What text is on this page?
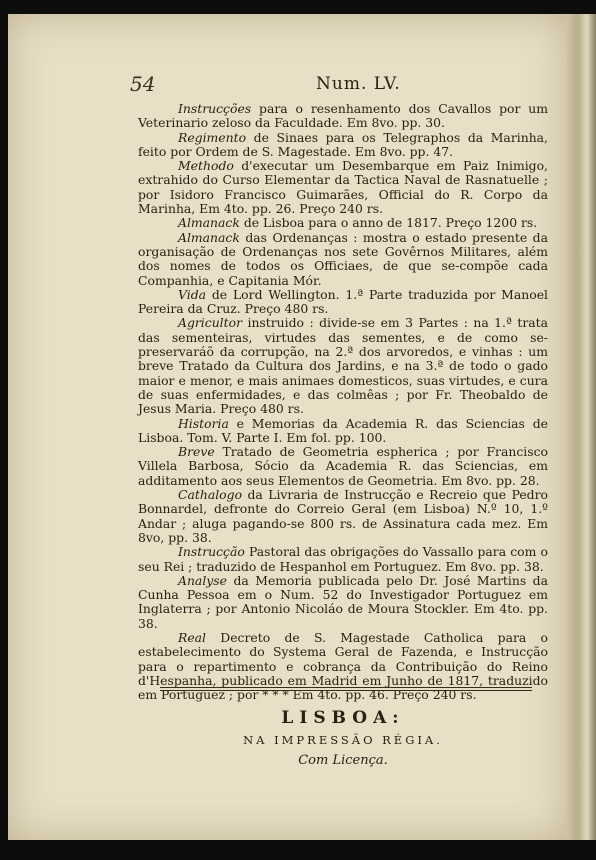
54	Num. LV.

Instrucções para o resenhamento dos Cavallos por um Veterinario zeloso da Faculdade. Em 8vo. pp. 30.

Regimento de Sinaes para os Telegraphos da Marinha, feito por Ordem de S. Magestade. Em 8vo. pp. 47.

Methodo d'executar um Desembarque em Paiz Inimigo, extrahido do Curso Elementar da Tactica Naval de Rasnatuelle ; por Isidoro Francisco Guimarães, Official do R. Corpo da Marinha, Em 4to. pp. 26. Preço 240 rs.

Almanack de Lisboa para o anno de 1817. Preço 1200 rs.

Almanack das Ordenanças : mostra o estado presente da organisação de Ordenanças nos sete Govêrnos Militares, além dos nomes de todos os Officiaes, de que se-compõe cada Companhia, e Capitania Mór.

Vida de Lord Wellington. 1.ª Parte traduzida por Manoel Pereira da Cruz. Preço 480 rs.

Agricultor instruido : divide-se em 3 Partes : na 1.ª trata das sementeiras, virtudes das sementes, e de como se-preservaráõ da corrupção, na 2.ª dos arvoredos, e vinhas : um breve Tratado da Cultura dos Jardins, e na 3.ª de todo o gado maior e menor, e mais animaes domesticos, suas virtudes, e cura de suas enfermidades, e das colmêas ; por Fr. Theobaldo de Jesus Maria. Preço 480 rs.

Historia e Memorias da Academia R. das Sciencias de Lisboa. Tom. V. Parte I. Em fol. pp. 100.

Breve Tratado de Geometria espherica ; por Francisco Villela Barbosa, Sócio da Academia R. das Sciencias, em additamento aos seus Elementos de Geometria. Em 8vo. pp. 28.

Cathalogo da Livraria de Instrucção e Recreio que Pedro Bonnardel, defronte do Correio Geral (em Lisboa) N.º 10, 1.º Andar ; aluga pagando-se 800 rs. de Assinatura cada mez. Em 8vo, pp. 38.

Instrucção Pastoral das obrigações do Vassallo para com o seu Rei ; traduzido de Hespanhol em Portuguez. Em 8vo. pp. 38.

Analyse da Memoria publicada pelo Dr. José Martins da Cunha Pessoa em o Num. 52 do Investigador Portuguez em Inglaterra ; por Antonio Nicoláo de Moura Stockler. Em 4to. pp. 38.

Real Decreto de S. Magestade Catholica para o estabelecimento do Systema Geral de Fazenda, e Instrucção para o repartimento e cobrança da Contribuição do Reino d'Hespanha, publicado em Madrid em Junho de 1817, traduzido em Portuguez ; por * * * Em 4to. pp. 46. Preço 240 rs.

LISBOA:
NA IMPRESSÃO RÉGIA.
Com Licença.
